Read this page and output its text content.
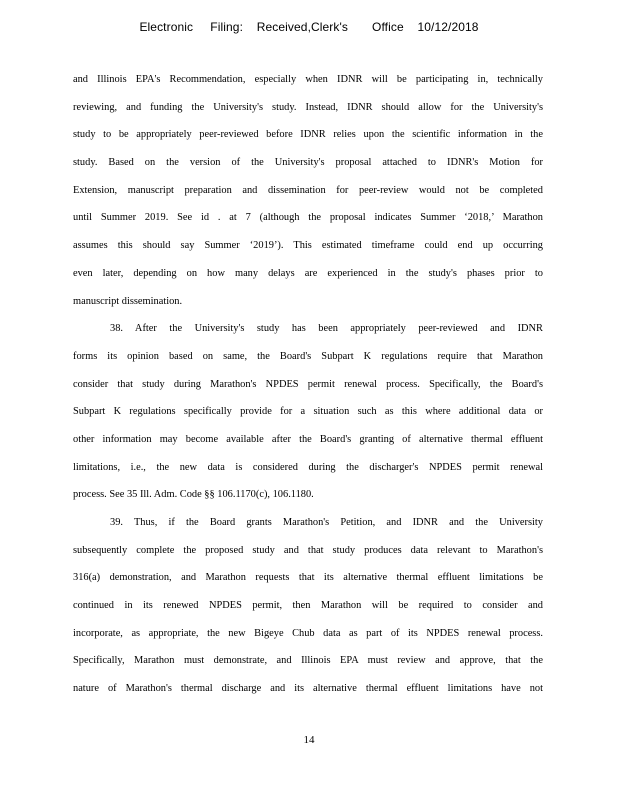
Electronic     Filing:    Received,Clerk's       Office    10/12/2018
and Illinois EPA's Recommendation, especially when IDNR will be participating in, technically
reviewing, and funding the University's study. Instead, IDNR should allow for the University's
study to be appropriately peer-reviewed before IDNR relies upon the scientific information in the
study. Based on the version of the University's proposal attached to IDNR's Motion for
Extension, manuscript preparation and dissemination for peer-review would not be completed
until Summer 2019. See id . at 7 (although the proposal indicates Summer ‘2018,’ Marathon
assumes this should say Summer ‘2019’). This estimated timeframe could end up occurring
even later, depending on how many delays are experienced in the study's phases prior to
manuscript dissemination.
38. After the University's study has been appropriately peer-reviewed and IDNR
forms its opinion based on same, the Board's Subpart K regulations require that Marathon
consider that study during Marathon's NPDES permit renewal process. Specifically, the Board's
Subpart K regulations specifically provide for a situation such as this where additional data or
other information may become available after the Board's granting of alternative thermal effluent
limitations, i.e., the new data is considered during the discharger's NPDES permit renewal
process. See 35 Ill. Adm. Code §§ 106.1170(c), 106.1180.
39. Thus, if the Board grants Marathon's Petition, and IDNR and the University
subsequently complete the proposed study and that study produces data relevant to Marathon's
316(a) demonstration, and Marathon requests that its alternative thermal effluent limitations be
continued in its renewed NPDES permit, then Marathon will be required to consider and
incorporate, as appropriate, the new Bigeye Chub data as part of its NPDES renewal process.
Specifically, Marathon must demonstrate, and Illinois EPA must review and approve, that the
nature of Marathon's thermal discharge and its alternative thermal effluent limitations have not
14
